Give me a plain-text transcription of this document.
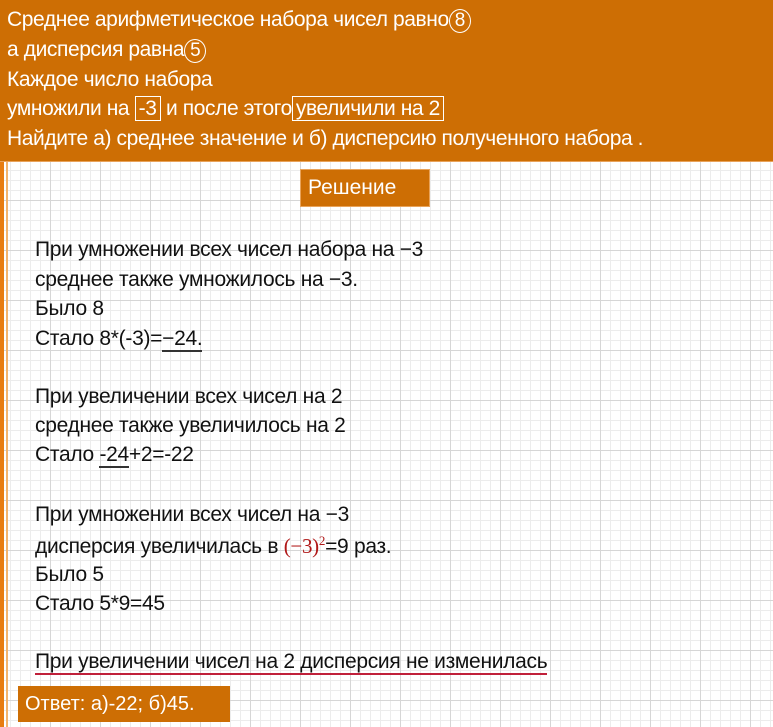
Среднее арифметическое набора чисел равно 8
а дисперсия равна 5
Каждое число набора
умножили на -3 и после этого увеличили на 2
Найдите а) среднее значение и б) дисперсию полученного набора .
Решение
При умножении всех чисел набора на −3
среднее также умножилось на −3.
Было 8
Стало 8*(-3)=−24.
При увеличении всех чисел на 2
среднее также увеличилось на 2
Стало -24+2=-22
При умножении всех чисел на −3
дисперсия увеличилась в $(-3)^2=9$ раз.
Было 5
Стало 5*9=45
При увеличении чисел на 2 дисперсия не изменилась
Ответ: а)-22; б)45.
